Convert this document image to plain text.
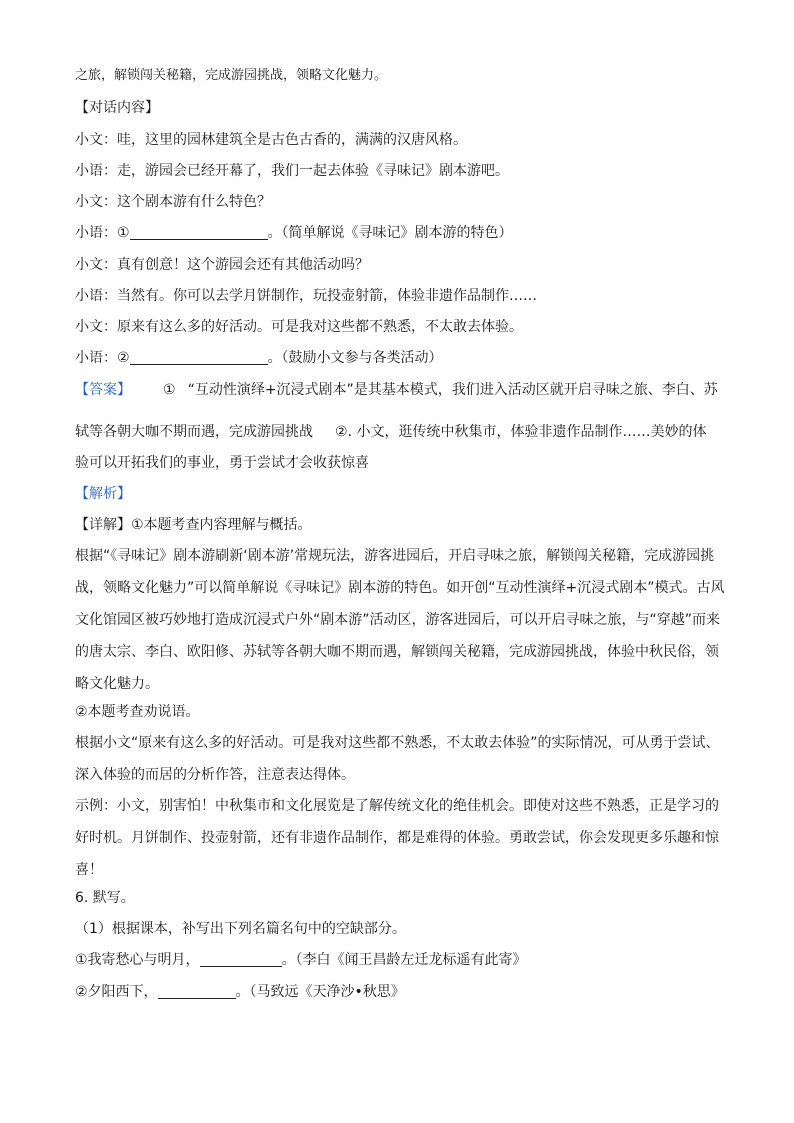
之旅，解锁闯关秘籍，完成游园挑战，领略文化魅力。
【对话内容】
小文：哇，这里的园林建筑全是古色古香的，满满的汉唐风格。
小语：走，游园会已经开幕了，我们一起去体验《寻味记》剧本游吧。
小文：这个剧本游有什么特色？
小语：①	。（简单解说《寻味记》剧本游的特色）
小文：真有创意！这个游园会还有其他活动吗？
小语：当然有。你可以去学月饼制作，玩投壶射箭，体验非遗作品制作……
小文：原来有这么多的好活动。可是我对这些都不熟悉，不太敢去体验。
小语：②	。（鼓励小文参与各类活动）
【答案】 ① “互动性演绎+沉浸式剧本”是其基本模式，我们进入活动区就开启寻味之旅、李白、苏
轼等各朝大咖不期而遇，完成游园挑战 ②. 小文，逛传统中秋集市，体验非遗作品制作……美妙的体
验可以开拓我们的事业，勇于尝试才会收获惊喜
【解析】
【详解】①本题考查内容理解与概括。
根据“《寻味记》剧本游刷新‘剧本游’常规玩法，游客进园后，开启寻味之旅，解锁闯关秘籍，完成游园挑战，领略文化魅力”可以简单解说《寻味记》剧本游的特色。如开创“互动性演绎+沉浸式剧本”模式。古风文化馆园区被巧妙地打造成沉浸式户外“剧本游”活动区，游客进园后，可以开启寻味之旅，与“穿越”而来的唐太宗、李白、欧阳修、苏轼等各朝大咖不期而遇，解锁闯关秘籍，完成游园挑战，体验中秋民俗，领略文化魅力。
②本题考查劝说语。
根据小文“原来有这么多的好活动。可是我对这些都不熟悉，不太敢去体验”的实际情况，可从勇于尝试、深入体验的而居的分析作答，注意表达得体。
示例：小文，别害怕！中秋集市和文化展览是了解传统文化的绝佳机会。即使对这些不熟悉，正是学习的好时机。月饼制作、投壶射箭，还有非遗作品制作，都是难得的体验。勇敢尝试，你会发现更多乐趣和惊喜！
6. 默写。
（1）根据课本，补写出下列名篇名句中的空缺部分。
①我寄愁心与明月，	。（李白《闻王昌龄左迁龙标遥有此寄》
②夕阳西下，	。（马致远《天净沙•秋思》
